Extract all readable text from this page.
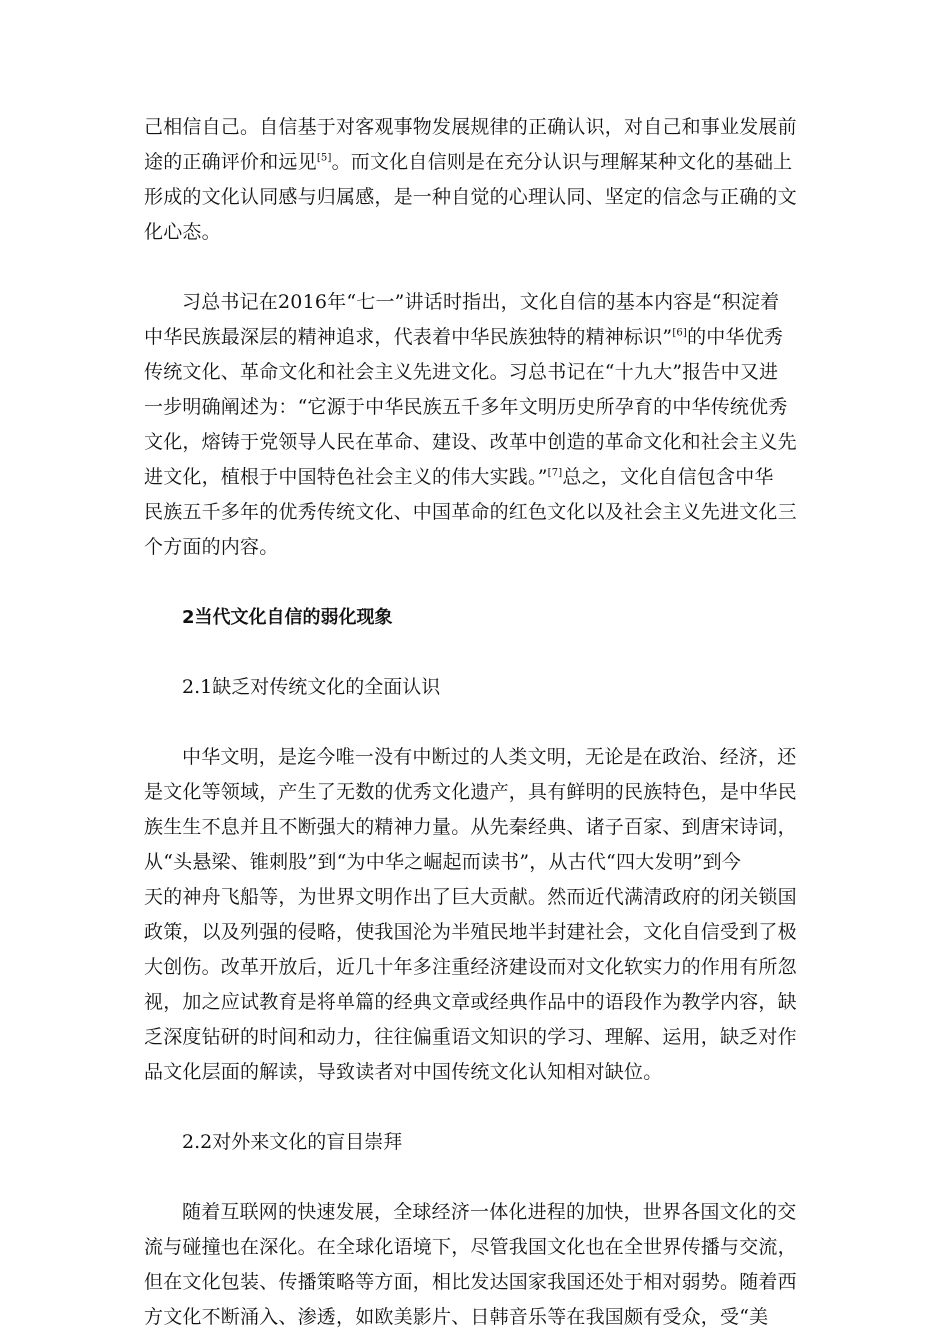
己相信自己。自信基于对客观事物发展规律的正确认识，对自己和事业发展前
途的正确评价和远见[5]。而文化自信则是在充分认识与理解某种文化的基础上
形成的文化认同感与归属感，是一种自觉的心理认同、坚定的信念与正确的文
化心态。

习总书记在2016年“七一”讲话时指出，文化自信的基本内容是“积淀着
中华民族最深层的精神追求，代表着中华民族独特的精神标识”[6]的中华优秀
传统文化、革命文化和社会主义先进文化。习总书记在“十九大”报告中又进
一步明确阐述为：“它源于中华民族五千多年文明历史所孕育的中华传统优秀
文化，熔铸于党领导人民在革命、建设、改革中创造的革命文化和社会主义先
进文化，植根于中国特色社会主义的伟大实践。”[7]总之，文化自信包含中华
民族五千多年的优秀传统文化、中国革命的红色文化以及社会主义先进文化三
个方面的内容。

2当代文化自信的弱化现象
2.1缺乏对传统文化的全面认识

中华文明，是迄今唯一没有中断过的人类文明，无论是在政治、经济，还
是文化等领域，产生了无数的优秀文化遗产，具有鲜明的民族特色，是中华民
族生生不息并且不断强大的精神力量。从先秦经典、诸子百家、到唐宋诗词，
从“头悬梁、锥刺股”到“为中华之崛起而读书”，从古代“四大发明”到今
天的神舟飞船等，为世界文明作出了巨大贡献。然而近代满清政府的闭关锁国
政策，以及列强的侵略，使我国沦为半殖民地半封建社会，文化自信受到了极
大创伤。改革开放后，近几十年多注重经济建设而对文化软实力的作用有所忽
视，加之应试教育是将单篇的经典文章或经典作品中的语段作为教学内容，缺
乏深度钻研的时间和动力，往往偏重语文知识的学习、理解、运用，缺乏对作
品文化层面的解读，导致读者对中国传统文化认知相对缺位。

2.2对外来文化的盲目崇拜

随着互联网的快速发展，全球经济一体化进程的加快，世界各国文化的交
流与碰撞也在深化。在全球化语境下，尽管我国文化也在全世界传播与交流，
但在文化包装、传播策略等方面，相比发达国家我国还处于相对弱势。随着西
方文化不断涌入、渗透，如欧美影片、日韩音乐等在我国颇有受众，受“美
